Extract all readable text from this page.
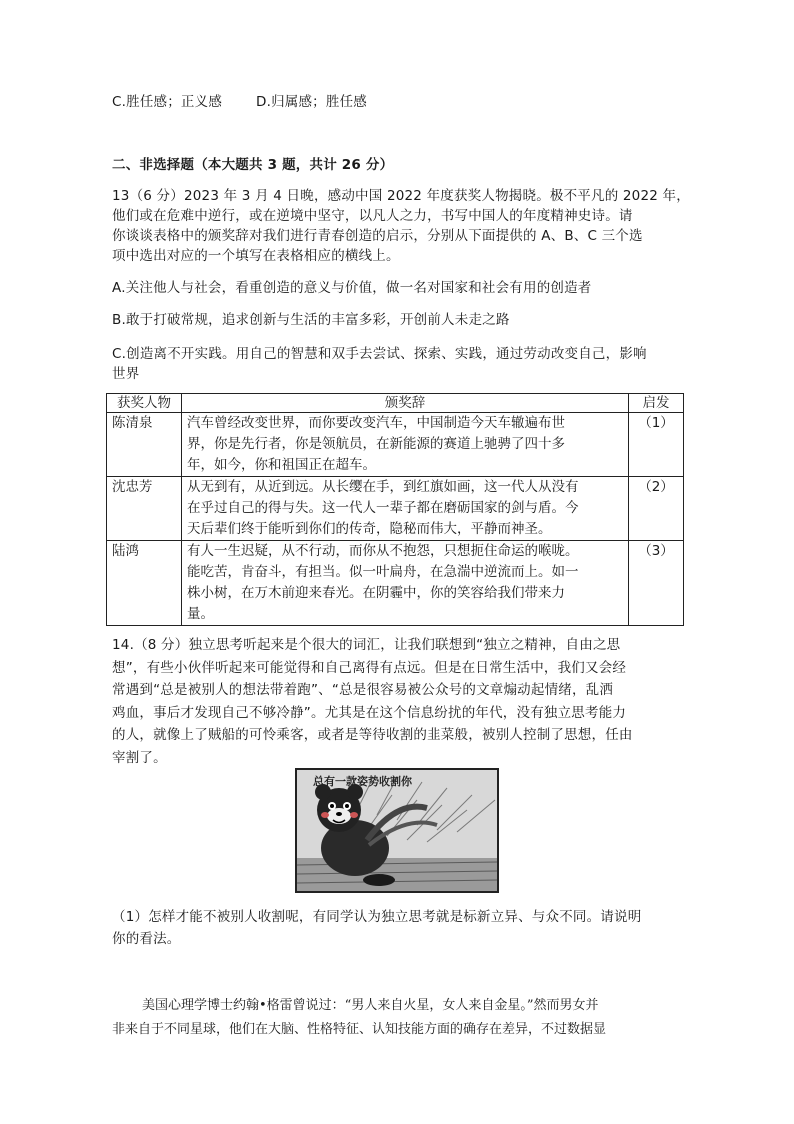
C.胜任感；正义感	D.归属感；胜任感
二、非选择题（本大题共 3 题，共计 26 分）
13（6 分）2023 年 3 月 4 日晚，感动中国 2022 年度获奖人物揭晓。极不平凡的 2022 年，
他们或在危难中逆行，或在逆境中坚守，以凡人之力，书写中国人的年度精神史诗。请
你谈谈表格中的颁奖辞对我们进行青春创造的启示，分别从下面提供的 A、B、C 三个选
项中选出对应的一个填写在表格相应的横线上。
A.关注他人与社会，看重创造的意义与价值，做一名对国家和社会有用的创造者
B.敢于打破常规，追求创新与生活的丰富多彩，开创前人未走之路
C.创造离不开实践。用自己的智慧和双手去尝试、探索、实践，通过劳动改变自己，影响
世界
获奖人物	颁奖辞	启发
陈清泉	汽车曾经改变世界，而你要改变汽车，中国制造今天车辙遍布世
界，你是先行者，你是领航员，在新能源的赛道上驰骋了四十多
年，如今，你和祖国正在超车。	（1）
沈忠芳	从无到有，从近到远。从长缨在手，到红旗如画，这一代人从没有
在乎过自己的得与失。这一代人一辈子都在磨砺国家的剑与盾。今
天后辈们终于能听到你们的传奇，隐秘而伟大，平静而神圣。	（2）
陆鸿	有人一生迟疑，从不行动，而你从不抱怨，只想扼住命运的喉咙。
能吃苦，肯奋斗，有担当。似一叶扁舟，在急湍中逆流而上。如一
株小树，在万木前迎来春光。在阴霾中，你的笑容给我们带来力
量。	（3）
14.（8 分）独立思考听起来是个很大的词汇，让我们联想到“独立之精神，自由之思
想”，有些小伙伴听起来可能觉得和自己离得有点远。但是在日常生活中，我们又会经
常遇到“总是被别人的想法带着跑”、“总是很容易被公众号的文章煽动起情绪，乱洒
鸡血，事后才发现自己不够冷静”。尤其是在这个信息纷扰的年代，没有独立思考能力
的人，就像上了贼船的可怜乘客，或者是等待收割的韭菜般，被别人控制了思想，任由
宰割了。
总有一款姿势收割你
（1）怎样才能不被别人收割呢，有同学认为独立思考就是标新立异、与众不同。请说明
你的看法。
美国心理学博士约翰•格雷曾说过：“男人来自火星，女人来自金星。”然而男女并
非来自于不同星球，他们在大脑、性格特征、认知技能方面的确存在差异，不过数据显
